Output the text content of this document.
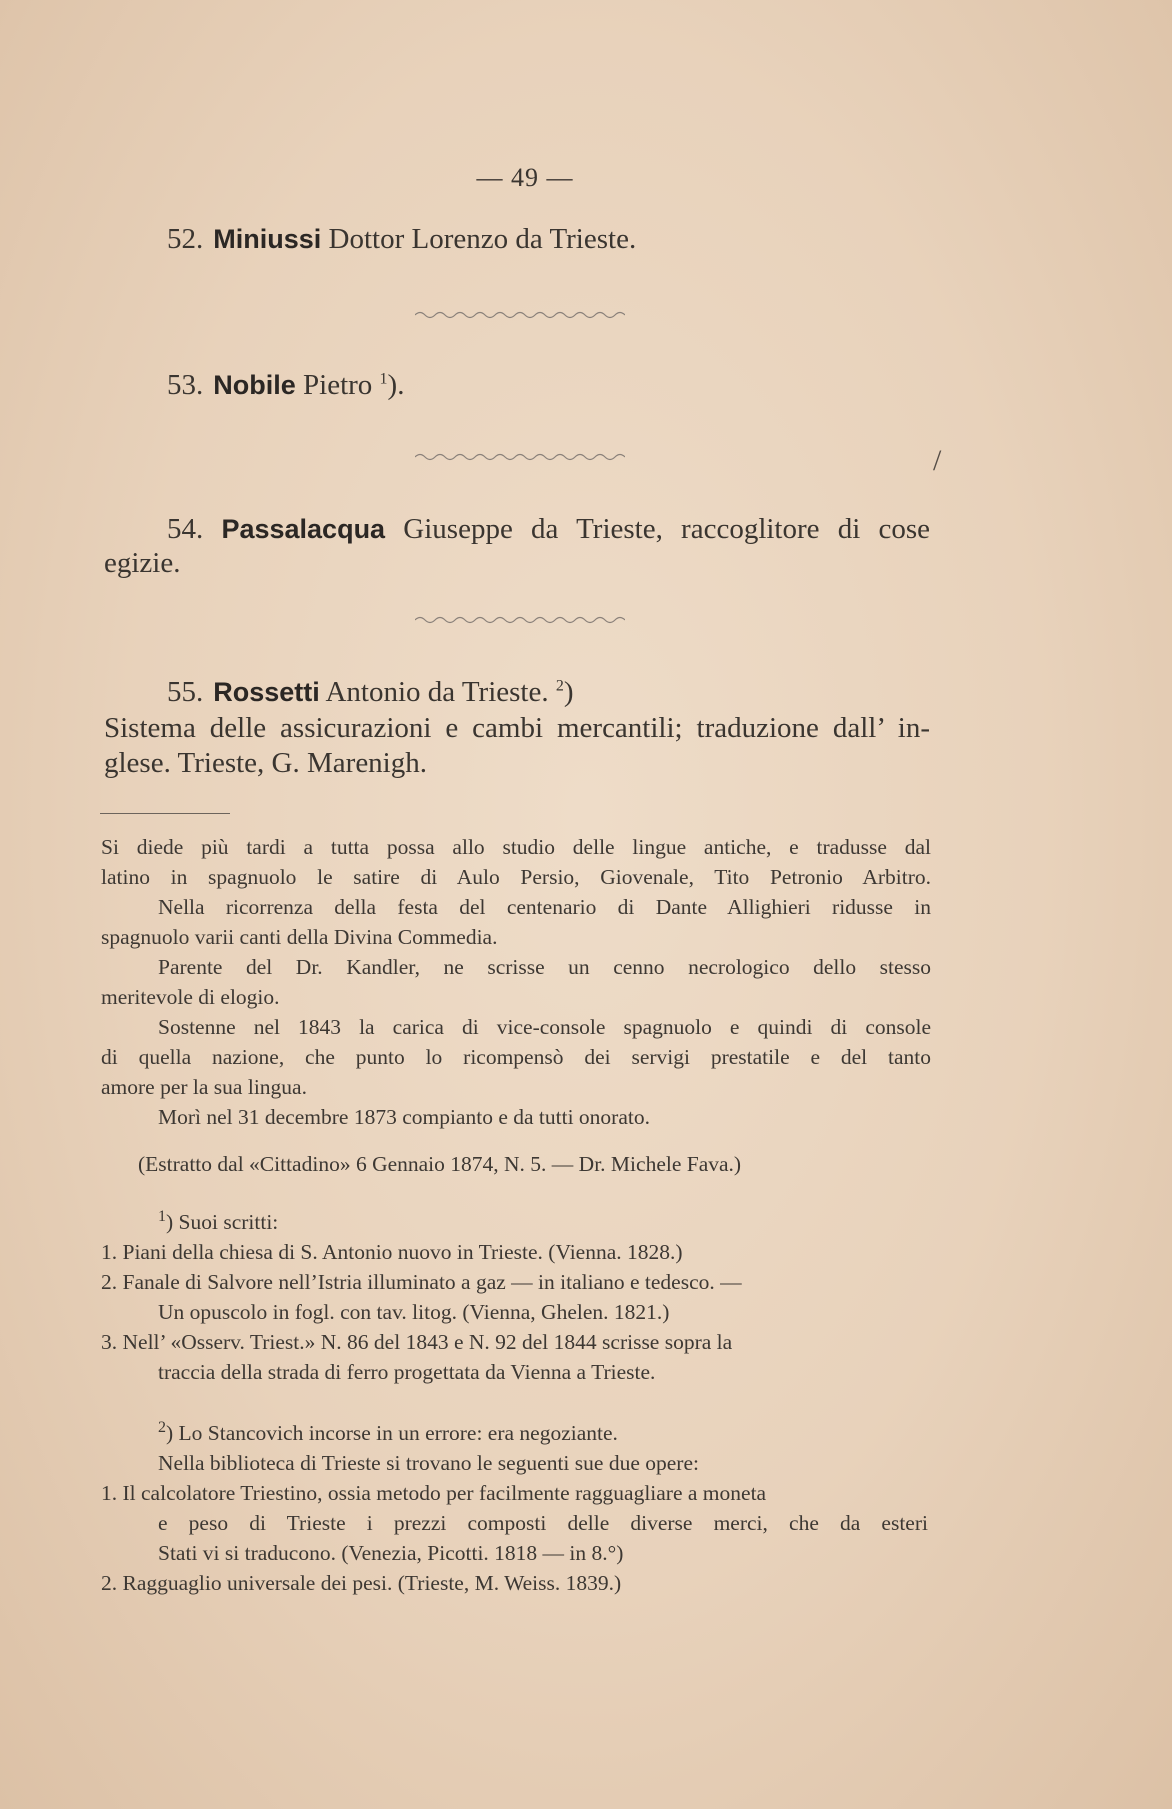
— 49 —
52. Miniussi Dottor Lorenzo da Trieste.
53. Nobile Pietro $^1$).
/
54. Passalacqua Giuseppe da Trieste, raccoglitore di cose
egizie.
55. Rossetti Antonio da Trieste. $^2$)
Sistema delle assicurazioni e cambi mercantili; traduzione dall’ in-
glese. Trieste, G. Marenigh.
Si diede più tardi a tutta possa allo studio delle lingue antiche, e tradusse dal
latino in spagnuolo le satire di Aulo Persio, Giovenale, Tito Petronio Arbitro.
Nella ricorrenza della festa del centenario di Dante Allighieri ridusse in
spagnuolo varii canti della Divina Commedia.
Parente del Dr. Kandler, ne scrisse un cenno necrologico dello stesso
meritevole di elogio.
Sostenne nel 1843 la carica di vice-console spagnuolo e quindi di console
di quella nazione, che punto lo ricompensò dei servigi prestatile e del tanto
amore per la sua lingua.
Morì nel 31 decembre 1873 compianto e da tutti onorato.
(Estratto dal «Cittadino» 6 Gennaio 1874, N. 5. — Dr. Michele Fava.)
$^1$) Suoi scritti:
1. Piani della chiesa di S. Antonio nuovo in Trieste. (Vienna. 1828.)
2. Fanale di Salvore nell’Istria illuminato a gaz — in italiano e tedesco. —
Un opuscolo in fogl. con tav. litog. (Vienna, Ghelen. 1821.)
3. Nell’ «Osserv. Triest.» N. 86 del 1843 e N. 92 del 1844 scrisse sopra la
traccia della strada di ferro progettata da Vienna a Trieste.
$^2$) Lo Stancovich incorse in un errore: era negoziante.
Nella biblioteca di Trieste si trovano le seguenti sue due opere:
1. Il calcolatore Triestino, ossia metodo per facilmente ragguagliare a moneta
e peso di Trieste i prezzi composti delle diverse merci, che da esteri
Stati vi si traducono. (Venezia, Picotti. 1818 — in 8.°)
2. Ragguaglio universale dei pesi. (Trieste, M. Weiss. 1839.)
